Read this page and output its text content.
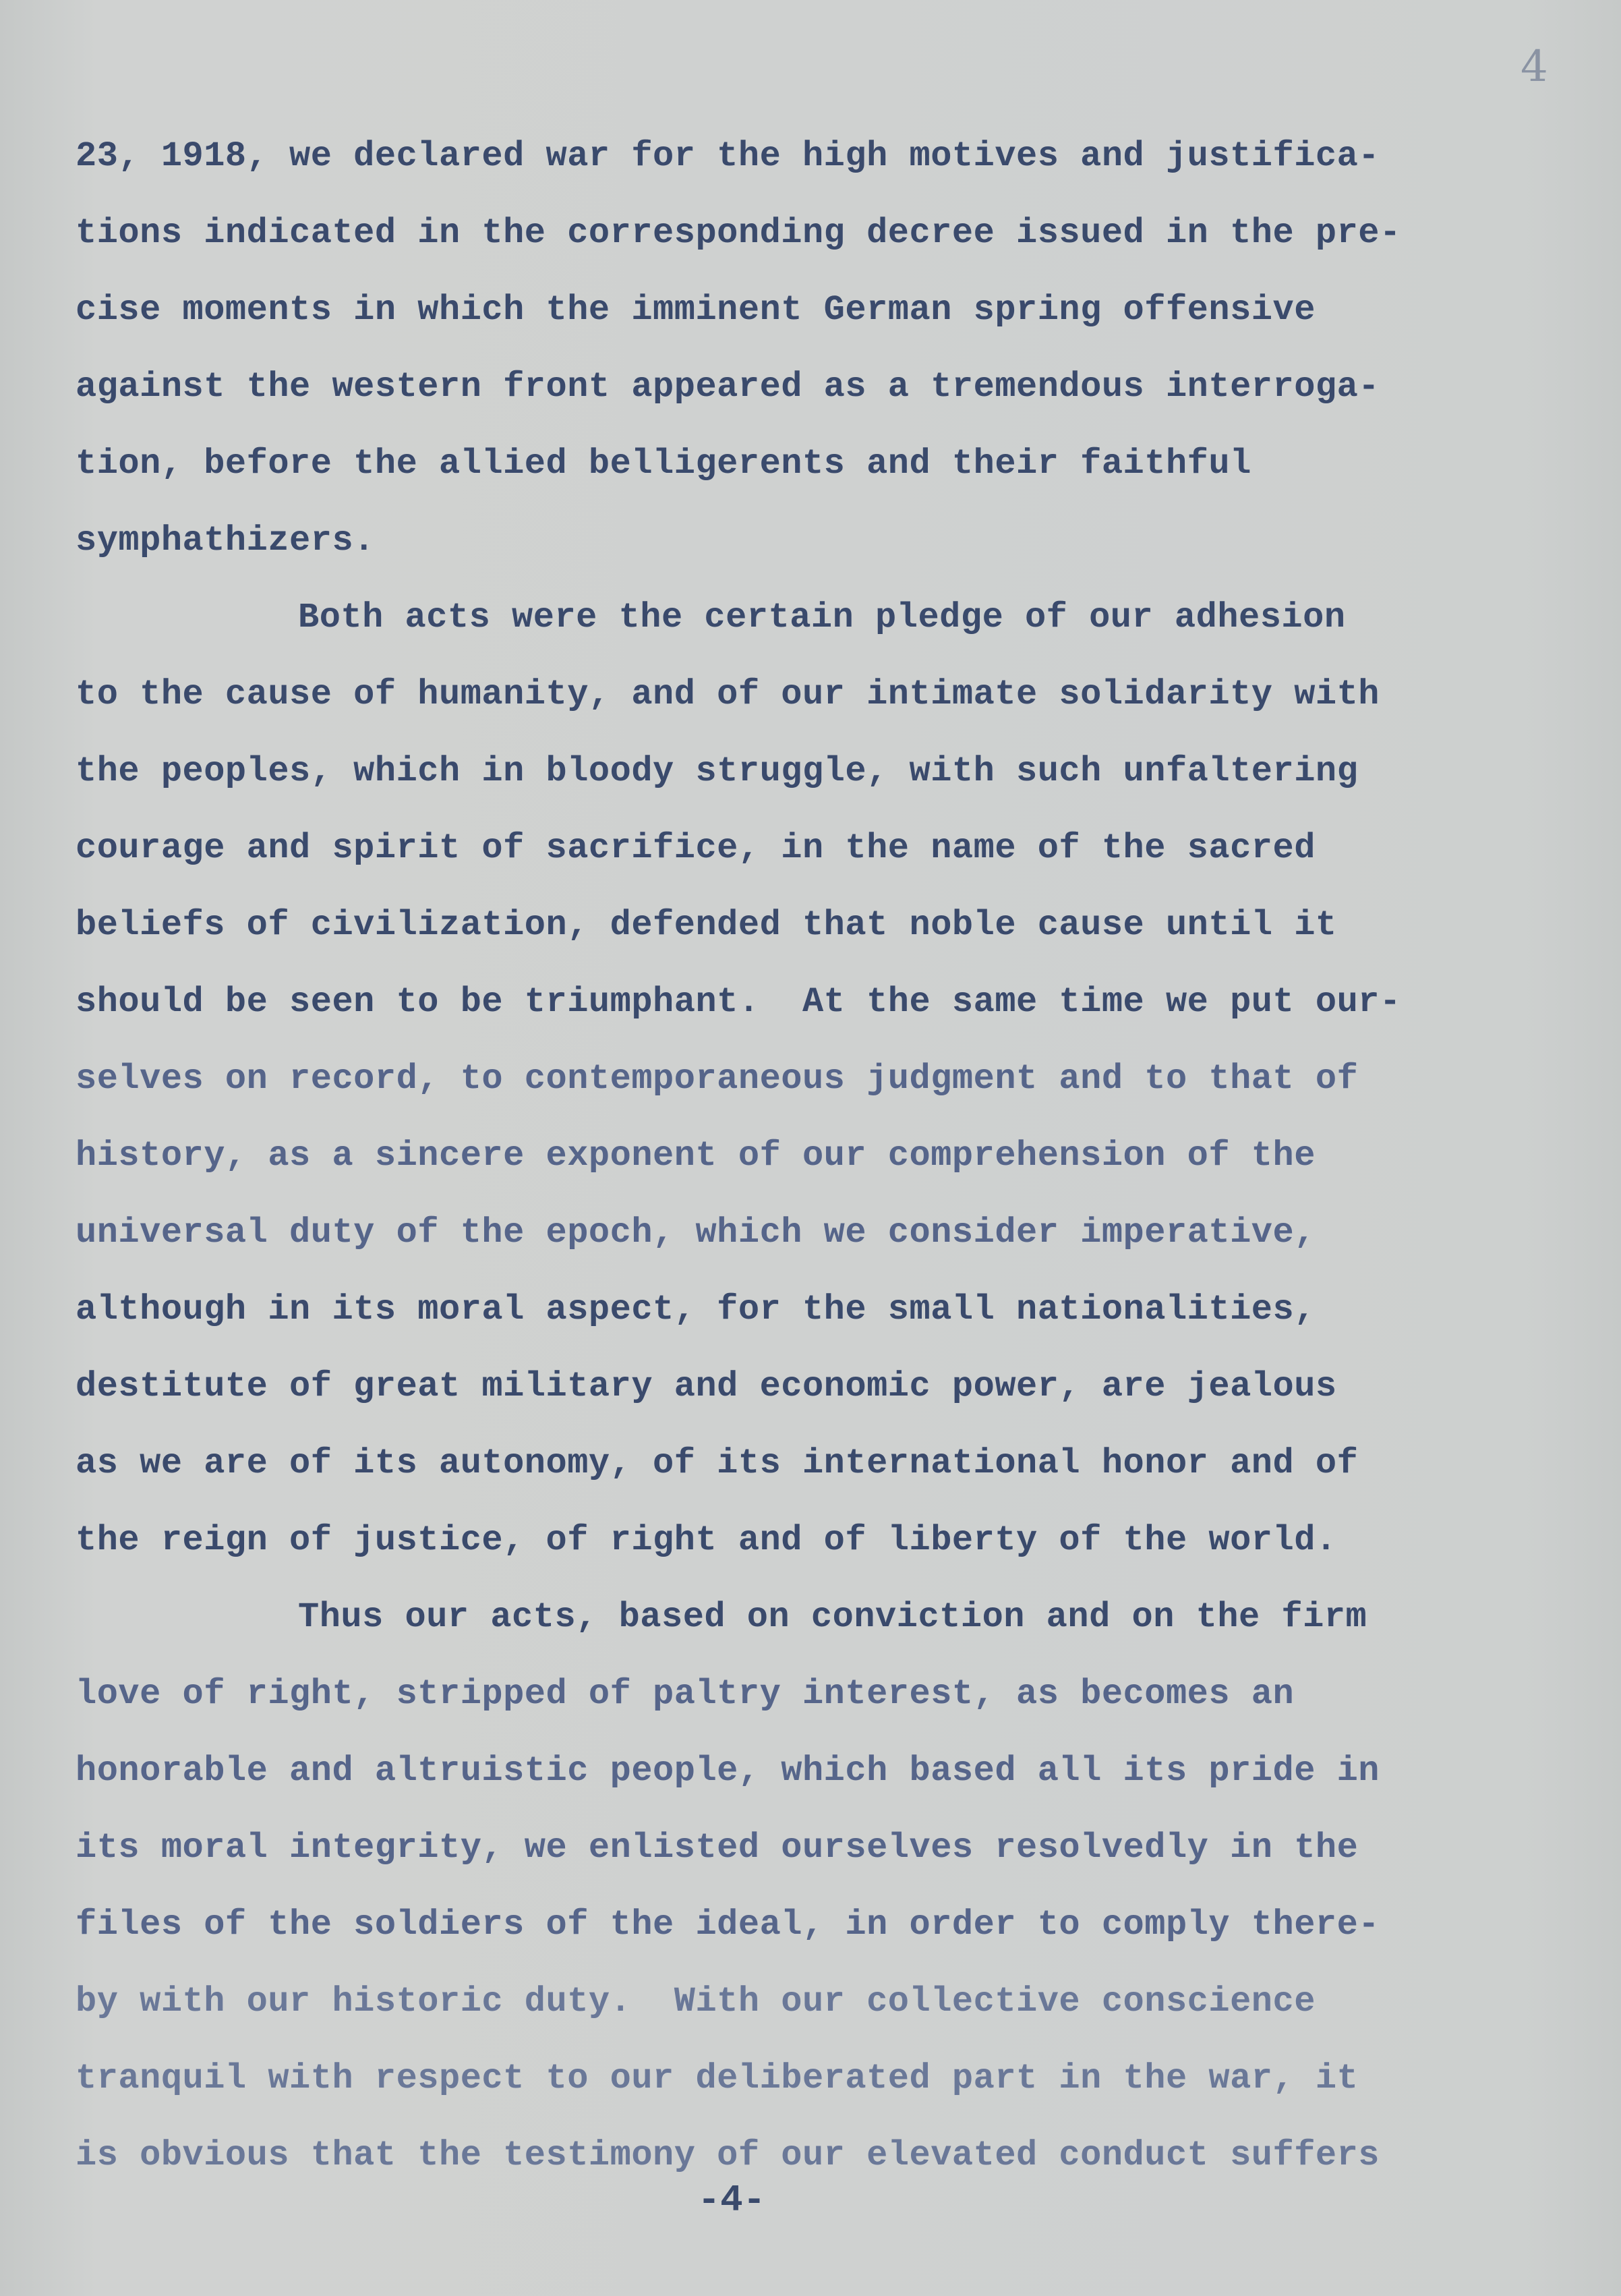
4
23, 1918, we declared war for the high motives and justifica-
tions indicated in the corresponding decree issued in the pre-
cise moments in which the imminent German spring offensive
against the western front appeared as a tremendous interroga-
tion, before the allied belligerents and their faithful
symphathizers.
Both acts were the certain pledge of our adhesion
to the cause of humanity, and of our intimate solidarity with
the peoples, which in bloody struggle, with such unfaltering
courage and spirit of sacrifice, in the name of the sacred
beliefs of civilization, defended that noble cause until it
should be seen to be triumphant.  At the same time we put our-
selves on record, to contemporaneous judgment and to that of
history, as a sincere exponent of our comprehension of the
universal duty of the epoch, which we consider imperative,
although in its moral aspect, for the small nationalities,
destitute of great military and economic power, are jealous
as we are of its autonomy, of its international honor and of
the reign of justice, of right and of liberty of the world.
Thus our acts, based on conviction and on the firm
love of right, stripped of paltry interest, as becomes an
honorable and altruistic people, which based all its pride in
its moral integrity, we enlisted ourselves resolvedly in the
files of the soldiers of the ideal, in order to comply there-
by with our historic duty.  With our collective conscience
tranquil with respect to our deliberated part in the war, it
is obvious that the testimony of our elevated conduct suffers
-4-
